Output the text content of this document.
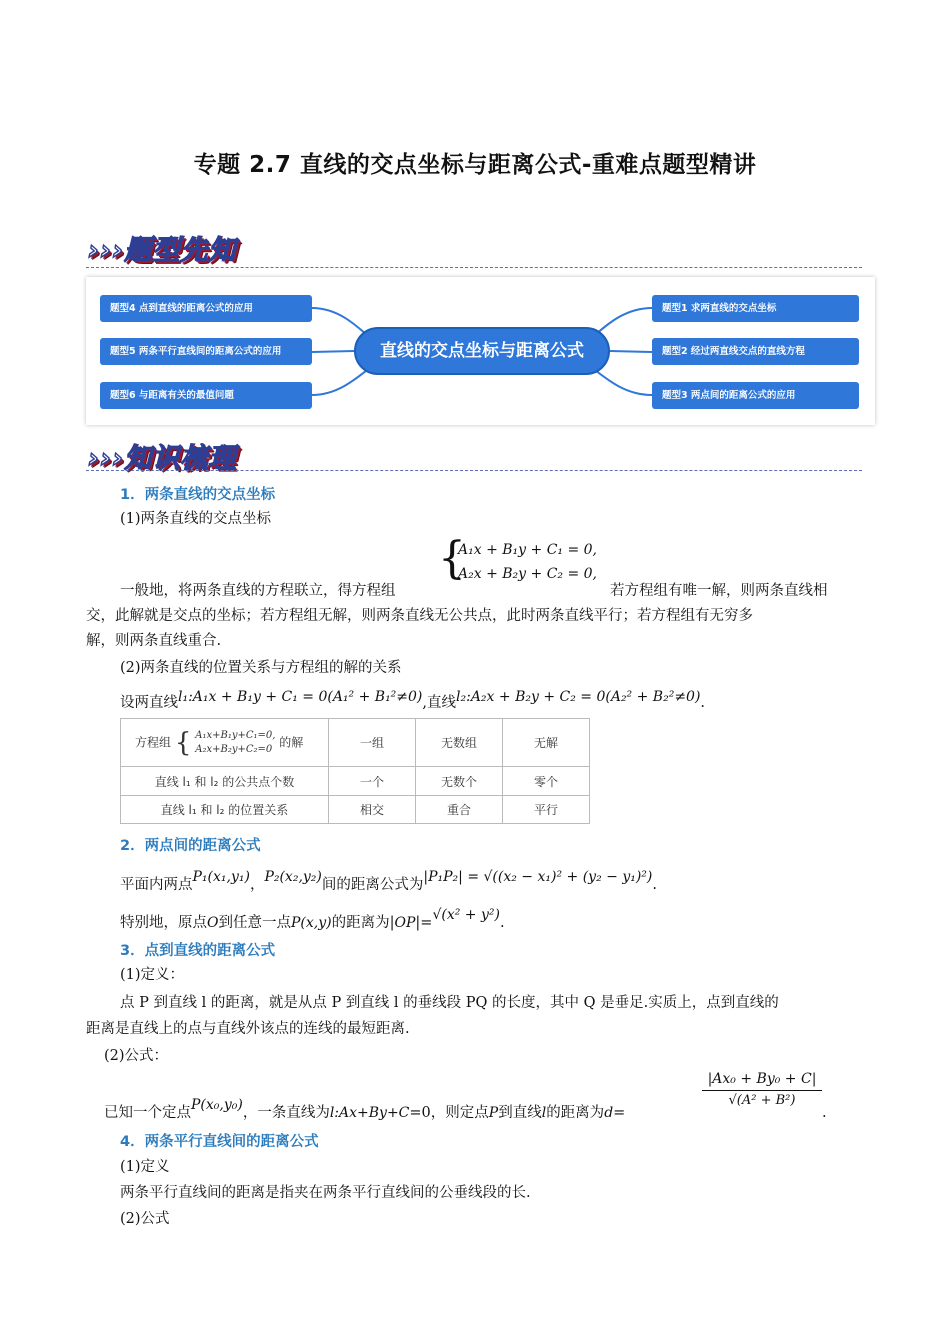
专题 2.7 直线的交点坐标与距离公式-重难点题型精讲
›››题型先知
题型4 点到直线的距离公式的应用
题型5 两条平行直线间的距离公式的应用
题型6 与距离有关的最值问题
直线的交点坐标与距离公式
题型1 求两直线的交点坐标
题型2 经过两直线交点的直线方程
题型3 两点间的距离公式的应用
›››知识梳理
1．两条直线的交点坐标
(1)两条直线的交点坐标
{
A₁x + B₁y + C₁ = 0,
A₂x + B₂y + C₂ = 0,
一般地，将两条直线的方程联立，得方程组	若方程组有唯一解，则两条直线相
交，此解就是交点的坐标；若方程组无解，则两条直线无公共点，此时两条直线平行；若方程组有无穷多
解，则两条直线重合.
(2)两条直线的位置关系与方程组的解的关系
设两直线l₁:A₁x + B₁y + C₁ = 0(A₁² + B₁²≠0),直线l₂:A₂x + B₂y + C₂ = 0(A₂² + B₂²≠0).
方程组 { A₁x+B₁y+C₁=0,
A₂x+B₂y+C₂=0 的解	一组	无数组	无解
直线 l₁ 和 l₂ 的公共点个数	一个	无数个	零个
直线 l₁ 和 l₂ 的位置关系	相交	重合	平行
2．两点间的距离公式
平面内两点P₁(x₁,y₁)，P₂(x₂,y₂)间的距离公式为|P₁P₂| = √((x₂ − x₁)² + (y₂ − y₁)²).
特别地，原点O到任意一点P(x,y)的距离为|OP|=√(x² + y²).
3．点到直线的距离公式
(1)定义：
点 P 到直线 l 的距离，就是从点 P 到直线 l 的垂线段 PQ 的长度，其中 Q 是垂足.实质上，点到直线的
距离是直线上的点与直线外该点的连线的最短距离.
(2)公式：
|Ax₀ + By₀ + C|
√(A² + B²)
已知一个定点P(x₀,y₀)，一条直线为l:Ax+By+C=0，则定点P到直线l的距离为d=	.
4．两条平行直线间的距离公式
(1)定义
两条平行直线间的距离是指夹在两条平行直线间的公垂线段的长.
(2)公式
